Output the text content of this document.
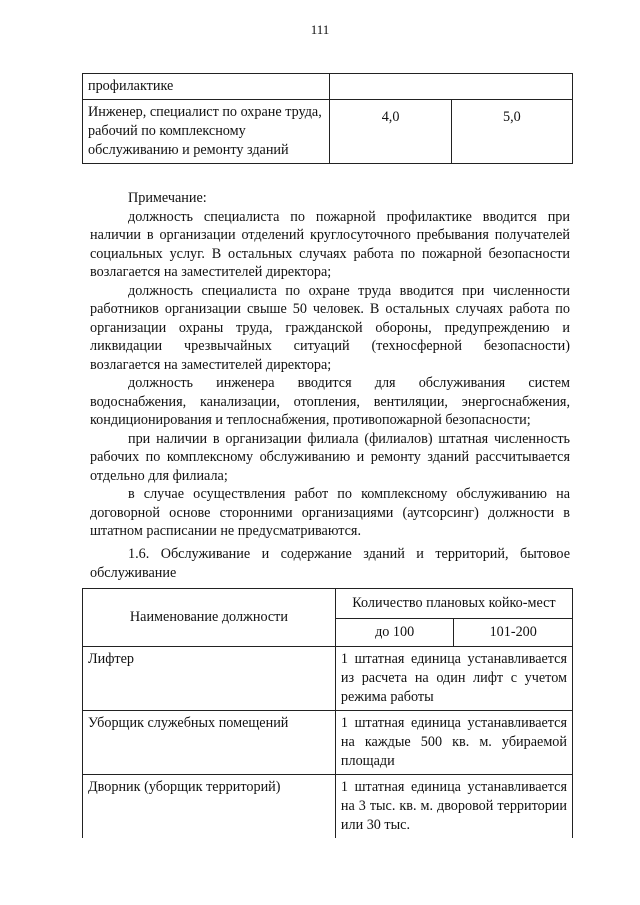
111
профилактике		
Инженер, специалист по охране труда, рабочий по комплексному обслуживанию и ремонту зданий	4,0	5,0

Примечание:

должность специалиста по пожарной профилактике вводится при наличии в организации отделений круглосуточного пребывания получателей социальных услуг. В остальных случаях работа по пожарной безопасности возлагается на заместителей директора;

должность специалиста по охране труда вводится при численности работников организации свыше 50 человек. В остальных случаях работа по организации охраны труда, гражданской обороны, предупреждению и ликвидации чрезвычайных ситуаций (техносферной безопасности) возлагается на заместителей директора;

должность инженера вводится для обслуживания систем водоснабжения, канализации, отопления, вентиляции, энергоснабжения, кондиционирования и теплоснабжения, противопожарной безопасности;

при наличии в организации филиала (филиалов) штатная численность рабочих по комплексному обслуживанию и ремонту зданий рассчитывается отдельно для филиала;

в случае осуществления работ по комплексному обслуживанию на договорной основе сторонними организациями (аутсорсинг) должности в штатном расписании не предусматриваются.

1.6. Обслуживание и содержание зданий и территорий, бытовое обслуживание

Наименование должности	Количество плановых койко-мест	
	до 100	101-200
Лифтер	1 штатная единица устанавливается из расчета на один лифт с учетом режима работы	
Уборщик служебных помещений	1 штатная единица устанавливается на каждые 500 кв. м. убираемой площади	
Дворник (уборщик территорий)	1 штатная единица устанавливается на 3 тыс. кв. м. дворовой территории или 30 тыс.	
